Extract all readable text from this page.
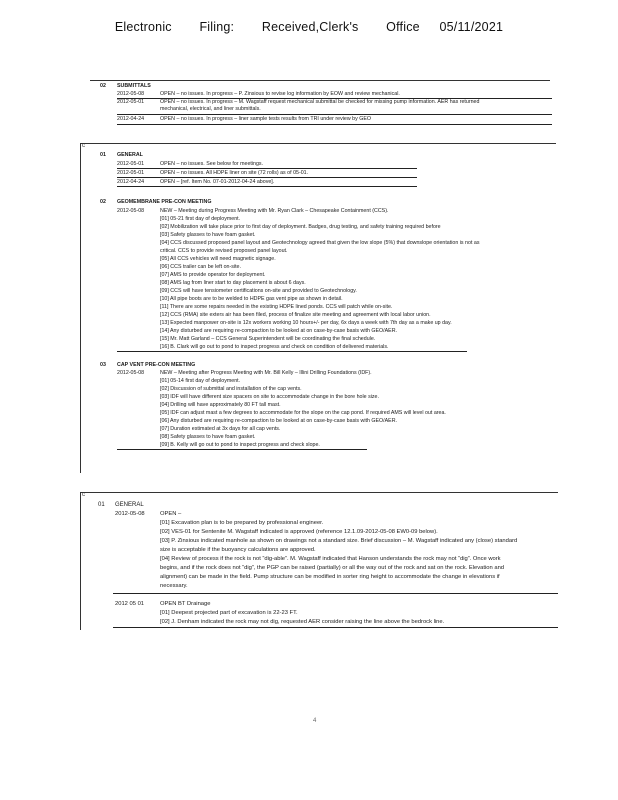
Electronic Filing: Received,Clerk's Office 05/11/2021
02 SUBMITTALS
2012-05-08	OPEN – no issues. In progress – P. Zinsious to revise log information by EOW and review mechanical.
2012-05-01	OPEN – no issues. In progress – M. Wagstaff request mechanical submittal be checked for missing pump information. AER has returned
mechanical, electrical, and liner submittals.
2012-04-24	OPEN – no issues. In progress – liner sample tests results from TRI under review by GEO
c
01 GENERAL
2012-05-01	OPEN – no issues. See below for meetings.
2012-05-01	OPEN – no issues. All HDPE liner on site (72 rolls) as of 05-01.
2012-04-24	OPEN – [ref. Item No. 07-01-2012-04-24 above].
02 GEOMEMBRANE PRE-CON MEETING
2012-05-08	NEW – Meeting during Progress Meeting with Mr. Ryan Clark – Chesapeake Containment (CCS).
[01] 05-21 first day of deployment.
[02] Mobilization will take place prior to first day of deployment. Badges, drug testing, and safety training required before
[03] Safety glasses to have foam gasket.
[04] CCS discussed proposed panel layout and Geotechnology agreed that given the low slope (5%) that downslope orientation is not as
critical. CCS to provide revised proposed panel layout.
[05] All CCS vehicles will need magnetic signage.
[06] CCS trailer can be left on-site.
[07] AMS to provide operator for deployment.
[08] AMS lag from liner start to day placement is about 6 days.
[09] CCS will have tensiometer certifications on-site and provided to Geotechnology.
[10] All pipe boots are to be welded to HDPE gas vent pipe as shown in detail.
[11] There are some repairs needed in the existing HDPE lined ponds. CCS will patch while on-site.
[12] CCS (RMA) site exters air has been filed, process of finalize site meeting and agreement with local labor union.
[13] Expected manpower on-site is 12x workers working 10 hours+/- per day, 6x days a week with 7th day as a make up day.
[14] Any disturbed are requiring re-compaction to be looked at on case-by-case basis with GEO/AER.
[15] Mr. Matt Garland – CCS General Superintendent will be coordinating the final schedule.
[16] B. Clark will go out to pond to inspect progress and check on condition of delivered materials.
03 CAP VENT PRE-CON MEETING
2012-05-08	NEW – Meeting after Progress Meeting with Mr. Bill Kelly – Illini Drilling Foundations (IDF).
[01] 05-14 first day of deployment.
[02] Discussion of submittal and installation of the cap vents.
[03] IDF will have different size spacers on site to accommodate change in the bore hole size.
[04] Drilling will have approximately 80 FT tall mast.
[05] IDF can adjust mast a few degrees to accommodate for the slope on the cap pond. If required AMS will level out area.
[06] Any disturbed are requiring re-compaction to be looked at on case-by-case basis with GEO/AER.
[07] Duration estimated at 3x days for all cap vents.
[08] Safety glasses to have foam gasket.
[09] B. Kelly will go out to pond to inspect progress and check slope.
c
01 GENERAL
2012-05-08	OPEN –
[01] Excavation plan is to be prepared by professional engineer.
[02] VES-01 for Sentenite M. Wagstaff indicated is approved (reference 12.1.09-2012-05-08 EW0-09 below).
[03] P. Zinsious indicated manhole as shown on drawings not a standard size. Brief discussion – M. Wagstaff indicated any (close) standard
size is acceptable if the buoyancy calculations are approved.
[04] Review of process if the rock is not “dig-able”. M. Wagstaff indicated that Hanson understands the rock may not “dig”. Once work
begins, and if the rock does not “dig”, the PGP can be raised (partially) or all the way out of the rock and sat on the rock. Elevation and
alignment) can be made in the field. Pump structure can be modified in sorter ring height to accommodate the change in elevations if
necessary.
2012 05 01	OPEN BT Drainage
[01] Deepest projected part of excavation is 22-23 FT.
[02] J. Denham indicated the rock may not dig, requested AER consider raising the line above the bedrock line.
4
